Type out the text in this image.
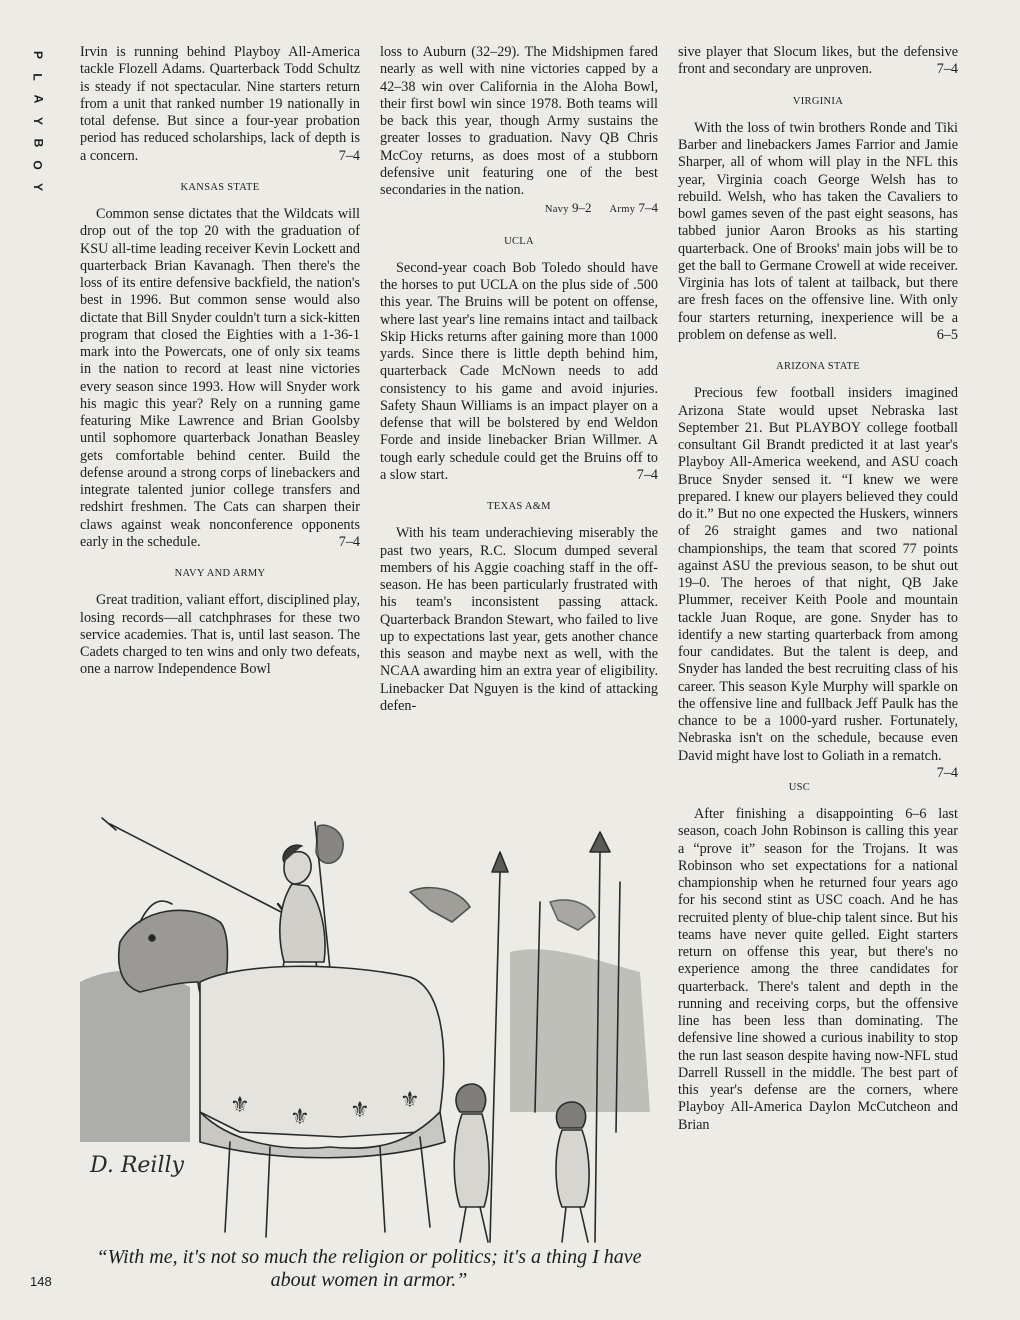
P
L
A
Y
B
O
Y

Irvin is running behind Playboy All-America tackle Flozell Adams. Quarterback Todd Schultz is steady if not spectacular. Nine starters return from a unit that ranked number 19 nationally in total defense. But since a four-year probation period has reduced scholarships, lack of depth is a concern.	7–4

KANSAS STATE

Common sense dictates that the Wildcats will drop out of the top 20 with the graduation of KSU all-time leading receiver Kevin Lockett and quarterback Brian Kavanagh. Then there's the loss of its entire defensive backfield, the nation's best in 1996. But common sense would also dictate that Bill Snyder couldn't turn a sick-kitten program that closed the Eighties with a 1-36-1 mark into the Powercats, one of only six teams in the nation to record at least nine victories every season since 1993. How will Snyder work his magic this year? Rely on a running game featuring Mike Lawrence and Brian Goolsby until sophomore quarterback Jonathan Beasley gets comfortable behind center. Build the defense around a strong corps of linebackers and integrate talented junior college transfers and redshirt freshmen. The Cats can sharpen their claws against weak nonconference opponents early in the schedule.	7–4

NAVY AND ARMY

Great tradition, valiant effort, disciplined play, losing records—all catchphrases for these two service academies. That is, until last season. The Cadets charged to ten wins and only two defeats, one a narrow Independence Bowl

loss to Auburn (32–29). The Midshipmen fared nearly as well with nine victories capped by a 42–38 win over California in the Aloha Bowl, their first bowl win since 1978. Both teams will be back this year, though Army sustains the greater losses to graduation. Navy QB Chris McCoy returns, as does most of a stubborn defensive unit featuring one of the best secondaries in the nation.

Navy 9–2 Army 7–4
UCLA

Second-year coach Bob Toledo should have the horses to put UCLA on the plus side of .500 this year. The Bruins will be potent on offense, where last year's line remains intact and tailback Skip Hicks returns after gaining more than 1000 yards. Since there is little depth behind him, quarterback Cade McNown needs to add consistency to his game and avoid injuries. Safety Shaun Williams is an impact player on a defense that will be bolstered by end Weldon Forde and inside linebacker Brian Willmer. A tough early schedule could get the Bruins off to a slow start.	7–4

TEXAS A&M

With his team underachieving miserably the past two years, R.C. Slocum dumped several members of his Aggie coaching staff in the off-season. He has been particularly frustrated with his team's inconsistent passing attack. Quarterback Brandon Stewart, who failed to live up to expectations last year, gets another chance this season and maybe next as well, with the NCAA awarding him an extra year of eligibility. Linebacker Dat Nguyen is the kind of attacking defen-

sive player that Slocum likes, but the defensive front and secondary are unproven.	7–4

VIRGINIA

With the loss of twin brothers Ronde and Tiki Barber and linebackers James Farrior and Jamie Sharper, all of whom will play in the NFL this year, Virginia coach George Welsh has to rebuild. Welsh, who has taken the Cavaliers to bowl games seven of the past eight seasons, has tabbed junior Aaron Brooks as his starting quarterback. One of Brooks' main jobs will be to get the ball to Germane Crowell at wide receiver. Virginia has lots of talent at tailback, but there are fresh faces on the offensive line. With only four starters returning, inexperience will be a problem on defense as well.	6–5

ARIZONA STATE

Precious few football insiders imagined Arizona State would upset Nebraska last September 21. But PLAYBOY college football consultant Gil Brandt predicted it at last year's Playboy All-America weekend, and ASU coach Bruce Snyder sensed it. “I knew we were prepared. I knew our players believed they could do it.” But no one expected the Huskers, winners of 26 straight games and two national championships, the team that scored 77 points against ASU the previous season, to be shut out 19–0. The heroes of that night, QB Jake Plummer, receiver Keith Poole and mountain tackle Juan Roque, are gone. Snyder has to identify a new starting quarterback from among four candidates. But the talent is deep, and Snyder has landed the best recruiting class of his career. This season Kyle Murphy will sparkle on the offensive line and fullback Jeff Paulk has the chance to be a 1000-yard rusher. Fortunately, Nebraska isn't on the schedule, because even David might have lost to Goliath in a rematch.
7–4

USC

After finishing a disappointing 6–6 last season, coach John Robinson is calling this year a “prove it” season for the Trojans. It was Robinson who set expectations for a national championship when he returned four years ago for his second stint as USC coach. And he has recruited plenty of blue-chip talent since. But his teams have never quite gelled. Eight starters return on offense this year, but there's no experience among the three candidates for quarterback. There's talent and depth in the running and receiving corps, but the offensive line has been less than dominating. The defensive line showed a curious inability to stop the run last season despite having now-NFL stud Darrell Russell in the middle. The best part of this year's defense are the corners, where Playboy All-America Daylon McCutcheon and Brian

⚜ ⚜ ⚜ ⚜
D. Reilly
“With me, it's not so much the religion or politics; it's a thing I have about women in armor.”
148
